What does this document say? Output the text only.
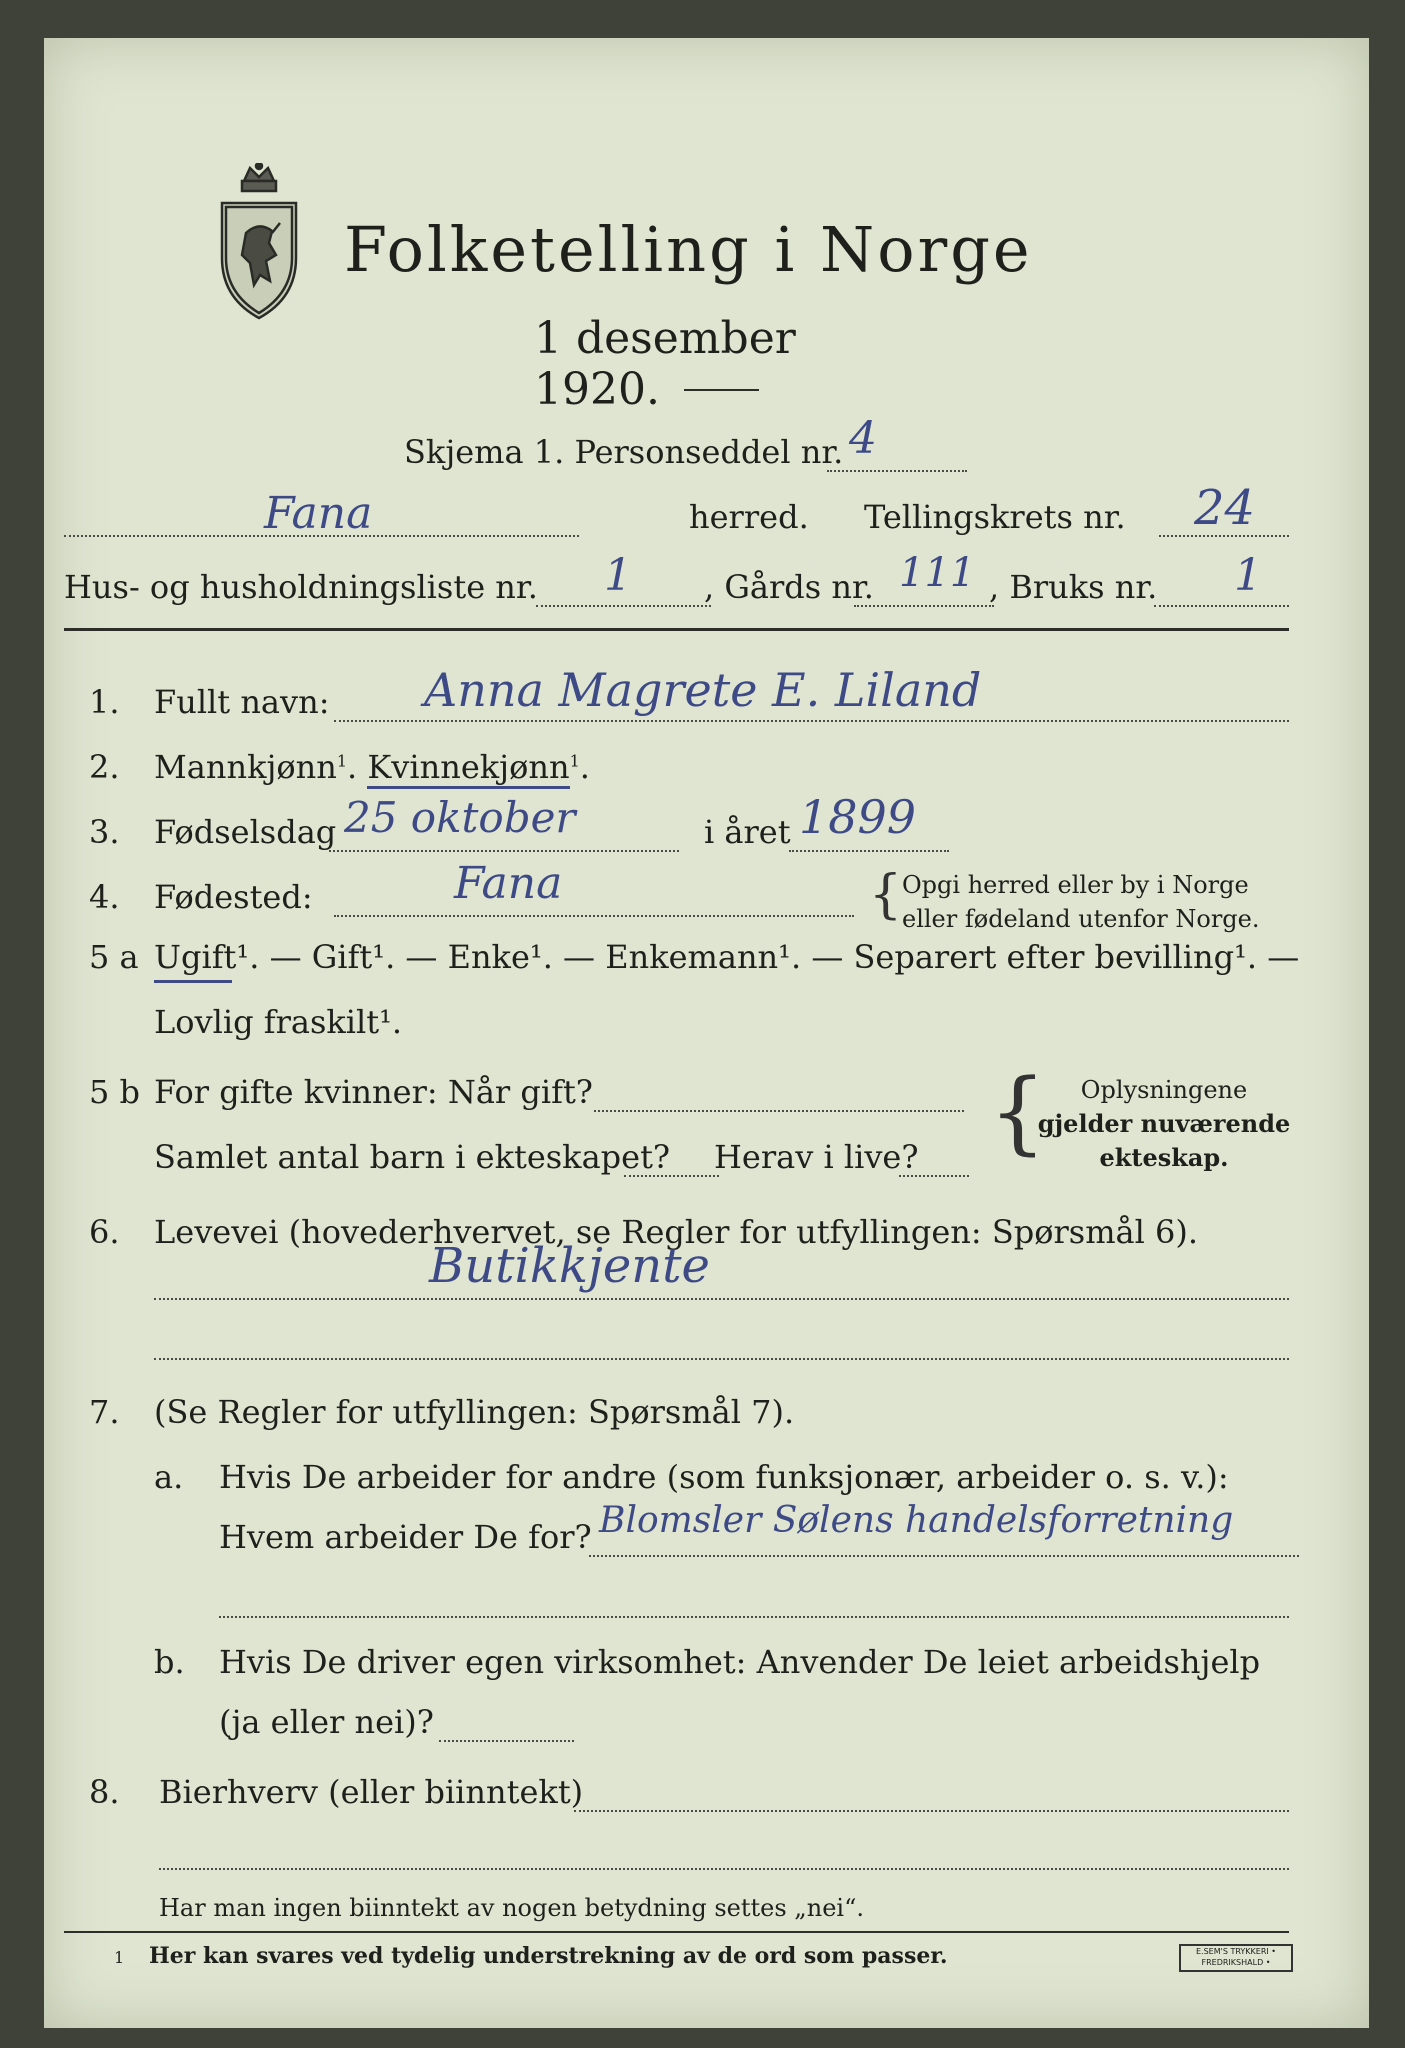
Folketelling i Norge
1 desember 1920.
Skjema 1. Personseddel nr. 4
Fana	herred. Tellingskrets nr. 24
Hus- og husholdningsliste nr. 1 , Gårds nr. 111 , Bruks nr. 1
1. Fullt navn: Anna Magrete E. Liland
2. Mannkjønn$^1$. Kvinnekjønn$^1$.
3. Fødselsdag 25 oktober	i året 1899
4. Fødested:	Fana	{ Opgi herred eller by i Norge
eller fødeland utenfor Norge.
5 a Ugift¹. — Gift¹. — Enke¹. — Enkemann¹. — Separert efter bevilling¹. —
Lovlig fraskilt¹.
5 b For gifte kvinner: Når gift?
Samlet antal barn i ekteskapet? Herav i live? {	Oplysningene
gjelder nuværende
ekteskap.
6. Levevei (hovederhvervet, se Regler for utfyllingen: Spørsmål 6).
Butikkjente
7. (Se Regler for utfyllingen: Spørsmål 7).
a. Hvis De arbeider for andre (som funksjonær, arbeider o. s. v.):
Hvem arbeider De for? Blomsler Sølens handelsforretning
b. Hvis De driver egen virksomhet: Anvender De leiet arbeidshjelp
(ja eller nei)?
8. Bierhverv (eller biinntekt)
Har man ingen biinntekt av nogen betydning settes „nei“.
1 Her kan svares ved tydelig understrekning av de ord som passer.	E.SEM'S TRYKKERI • FREDRIKSHALD •
